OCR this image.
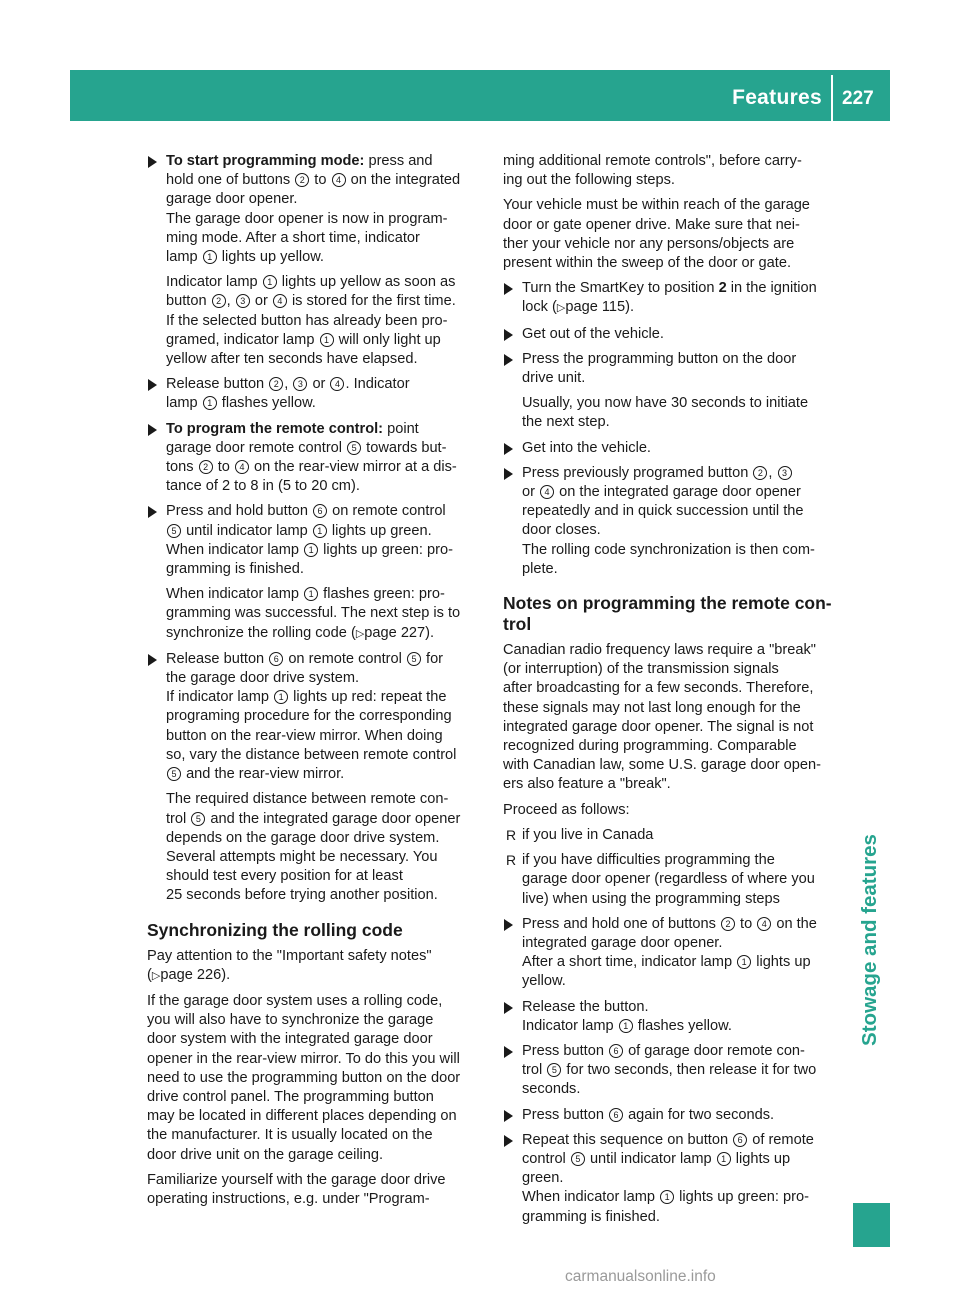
Features 227
Stowage and features

To start programming mode: press and
hold one of buttons 2 to 4 on the integrated
garage door opener.
The garage door opener is now in program-
ming mode. After a short time, indicator
lamp 1 lights up yellow.

Indicator lamp 1 lights up yellow as soon as
button 2 , 3 or 4 is stored for the first time.
If the selected button has already been pro-
gramed, indicator lamp 1 will only light up
yellow after ten seconds have elapsed.

Release button 2 , 3 or 4 . Indicator
lamp 1 flashes yellow.
To program the remote control: point
garage door remote control 5 towards but-
tons 2 to 4 on the rear-view mirror at a dis-
tance of 2 to 8 in (5 to 20 cm).

Press and hold button 6 on remote control
5 until indicator lamp 1 lights up green.
When indicator lamp 1 lights up green: pro-
gramming is finished.

When indicator lamp 1 flashes green: pro-
gramming was successful. The next step is to
synchronize the rolling code (▷page 227).

Release button 6 on remote control 5 for
the garage door drive system.
If indicator lamp 1 lights up red: repeat the
programing procedure for the corresponding
button on the rear-view mirror. When doing
so, vary the distance between remote control
5 and the rear-view mirror.

The required distance between remote con-
trol 5 and the integrated garage door opener
depends on the garage door drive system.
Several attempts might be necessary. You
should test every position for at least
25 seconds before trying another position.

Synchronizing the rolling code

Pay attention to the "Important safety notes"
(▷page 226).

If the garage door system uses a rolling code,
you will also have to synchronize the garage
door system with the integrated garage door
opener in the rear-view mirror. To do this you will
need to use the programming button on the door
drive control panel. The programming button
may be located in different places depending on
the manufacturer. It is usually located on the
door drive unit on the garage ceiling.

Familiarize yourself with the garage door drive
operating instructions, e.g. under "Program-

ming additional remote controls", before carry-
ing out the following steps.

Your vehicle must be within reach of the garage
door or gate opener drive. Make sure that nei-
ther your vehicle nor any persons/objects are
present within the sweep of the door or gate.

Turn the SmartKey to position 2 in the ignition
lock (▷page 115).
Get out of the vehicle.

Press the programming button on the door
drive unit.

Usually, you now have 30 seconds to initiate
the next step.

Get into the vehicle.
Press previously programed button 2 , 3
or 4 on the integrated garage door opener
repeatedly and in quick succession until the
door closes.
The rolling code synchronization is then com-
plete.
Notes on programming the remote con-
trol

Canadian radio frequency laws require a "break"
(or interruption) of the transmission signals
after broadcasting for a few seconds. Therefore,
these signals may not last long enough for the
integrated garage door opener. The signal is not
recognized during programming. Comparable
with Canadian law, some U.S. garage door open-
ers also feature a "break".

Proceed as follows:

R if you live in Canada
R if you have difficulties programming the
garage door opener (regardless of where you
live) when using the programming steps
Press and hold one of buttons 2 to 4 on the
integrated garage door opener.
After a short time, indicator lamp 1 lights up
yellow.
Release the button.
Indicator lamp 1 flashes yellow.
Press button 6 of garage door remote con-
trol 5 for two seconds, then release it for two
seconds.
Press button 6 again for two seconds.
Repeat this sequence on button 6 of remote
control 5 until indicator lamp 1 lights up
green.
When indicator lamp 1 lights up green: pro-
gramming is finished.
carmanualsonline.info
